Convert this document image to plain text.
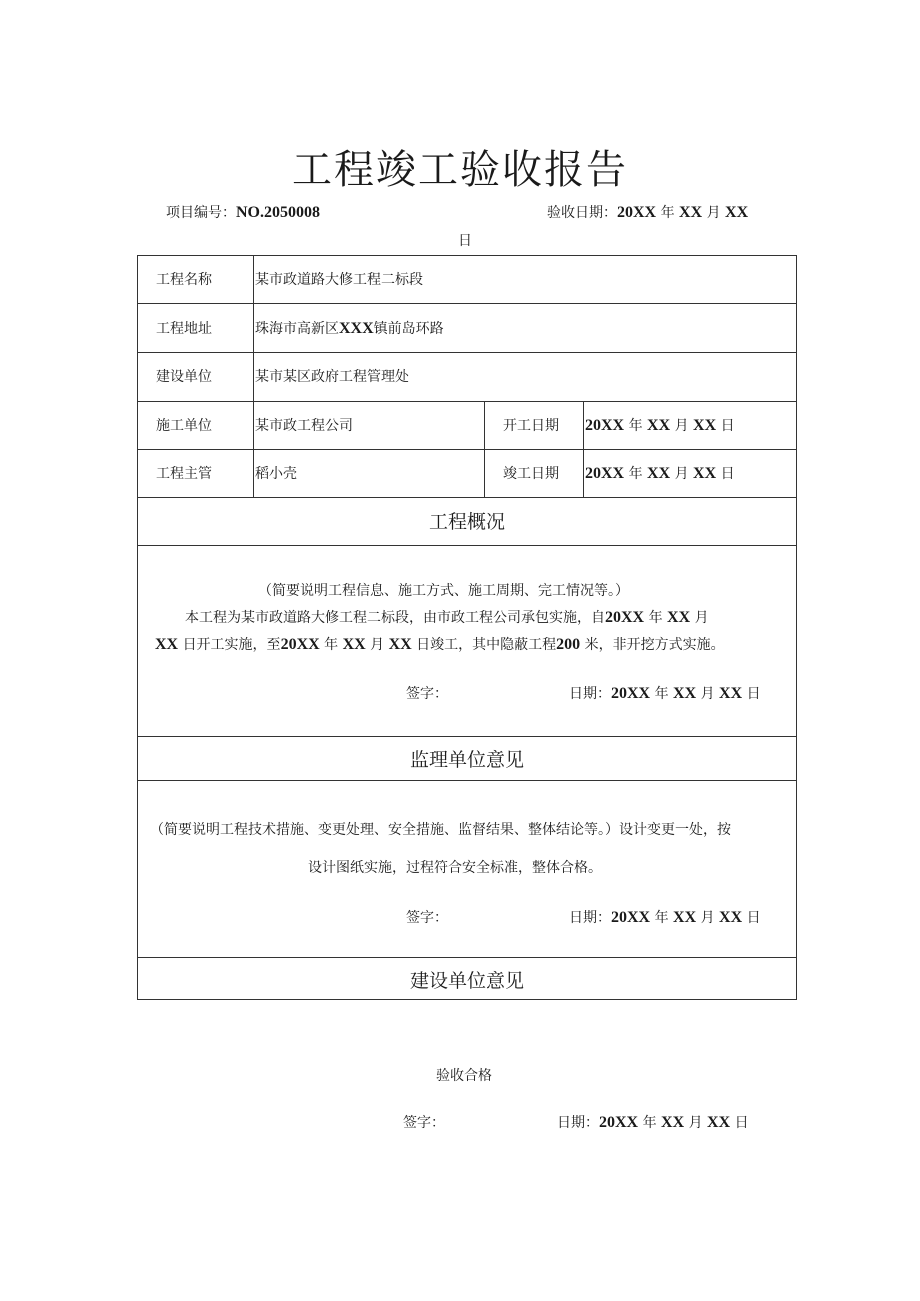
工程竣工验收报告
项目编号：NO.2050008	验收日期：20XX 年 XX 月 XX
日
工程名称	某市政道路大修工程二标段
工程地址	珠海市高新区XXX镇前岛环路
建设单位	某市某区政府工程管理处
施工单位	某市政工程公司	开工日期 20XX 年 XX 月 XX 日
工程主管	稻小壳	竣工日期 20XX 年 XX 月 XX 日
工程概况
（简要说明工程信息、施工方式、施工周期、完工情况等。）
本工程为某市政道路大修工程二标段，由市政工程公司承包实施，自20XX 年 XX 月
XX 日开工实施，至20XX 年 XX 月 XX 日竣工，其中隐蔽工程200 米，非开挖方式实施。
签字：	日期：20XX 年 XX 月 XX 日
监理单位意见
（简要说明工程技术措施、变更处理、安全措施、监督结果、整体结论等。）设计变更一处，按
设计图纸实施，过程符合安全标准，整体合格。
签字：	日期：20XX 年 XX 月 XX 日
建设单位意见
验收合格
签字：	日期：20XX 年 XX 月 XX 日
